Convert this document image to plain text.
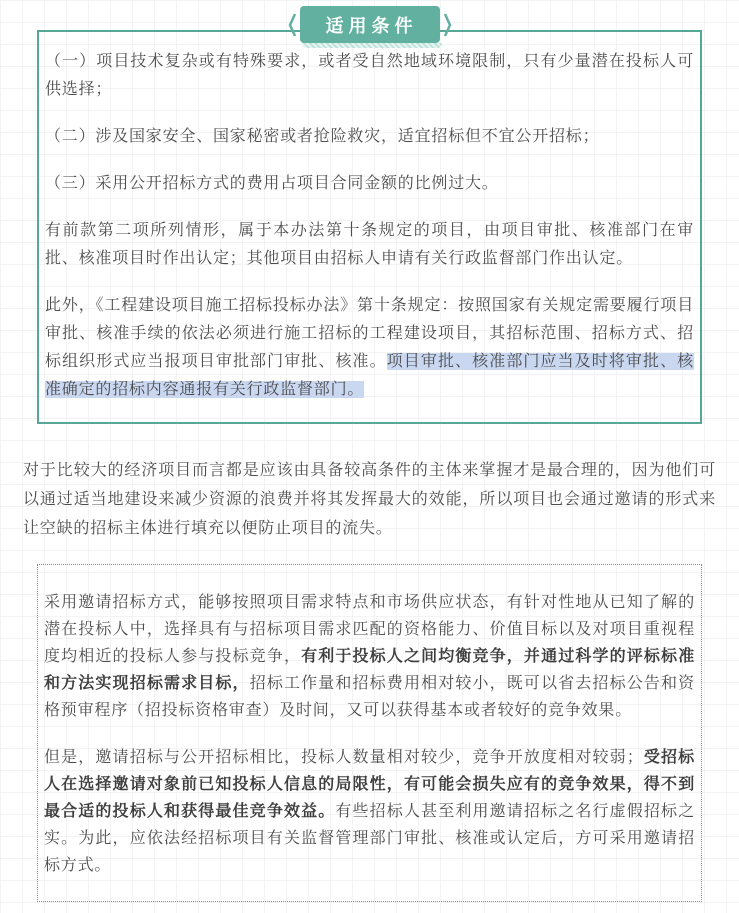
适用条件

（一）项目技术复杂或有特殊要求，或者受自然地域环境限制，只有少量潜在投标人可供选择；

（二）涉及国家安全、国家秘密或者抢险救灾，适宜招标但不宜公开招标；

（三）采用公开招标方式的费用占项目合同金额的比例过大。

有前款第二项所列情形，属于本办法第十条规定的项目，由项目审批、核准部门在审批、核准项目时作出认定；其他项目由招标人申请有关行政监督部门作出认定。

此外，《工程建设项目施工招标投标办法》第十条规定：按照国家有关规定需要履行项目审批、核准手续的依法必须进行施工招标的工程建设项目，其招标范围、招标方式、招标组织形式应当报项目审批部门审批、核准。项目审批、核准部门应当及时将审批、核准确定的招标内容通报有关行政监督部门。

对于比较大的经济项目而言都是应该由具备较高条件的主体来掌握才是最合理的，因为他们可以通过适当地建设来减少资源的浪费并将其发挥最大的效能，所以项目也会通过邀请的形式来让空缺的招标主体进行填充以便防止项目的流失。

采用邀请招标方式，能够按照项目需求特点和市场供应状态，有针对性地从已知了解的潜在投标人中，选择具有与招标项目需求匹配的资格能力、价值目标以及对项目重视程度均相近的投标人参与投标竞争，有利于投标人之间均衡竞争，并通过科学的评标标准和方法实现招标需求目标，招标工作量和招标费用相对较小，既可以省去招标公告和资格预审程序（招投标资格审查）及时间，又可以获得基本或者较好的竞争效果。

但是，邀请招标与公开招标相比，投标人数量相对较少，竞争开放度相对较弱；受招标人在选择邀请对象前已知投标人信息的局限性，有可能会损失应有的竞争效果，得不到最合适的投标人和获得最佳竞争效益。有些招标人甚至利用邀请招标之名行虚假招标之实。为此，应依法经招标项目有关监督管理部门审批、核准或认定后，方可采用邀请招标方式。
